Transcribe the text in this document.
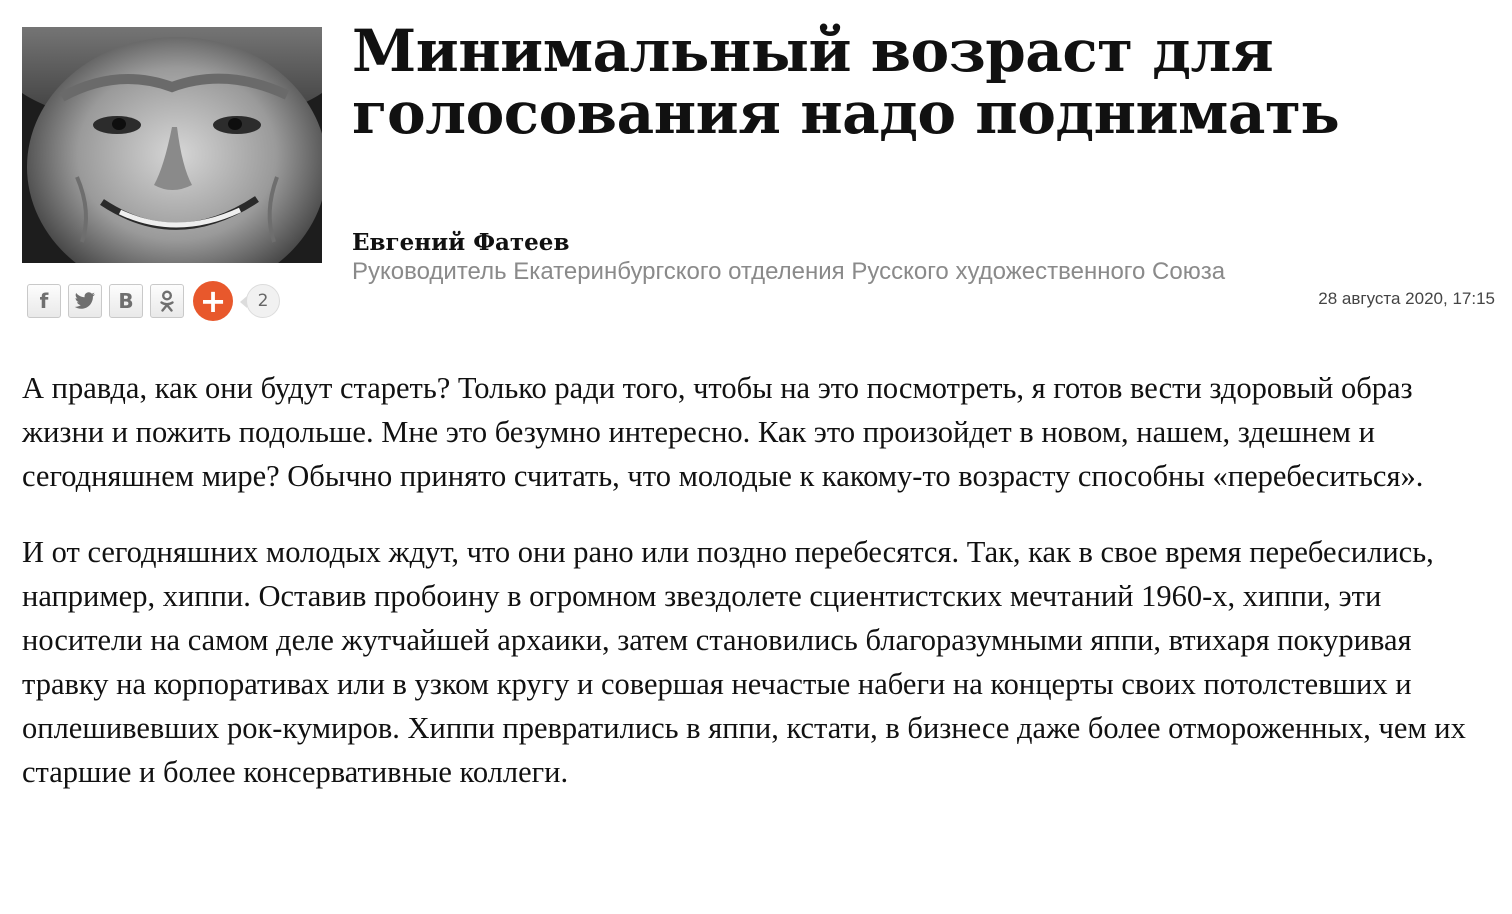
f	B +	2
Минимальный возраст для голосования надо поднимать
Евгений Фатеев
Руководитель Екатеринбургского отделения Русского художественного Союза
28 августа 2020, 17:15

А правда, как они будут стареть? Только ради того, чтобы на это посмотреть, я готов вести здоровый образ жизни и пожить подольше. Мне это безумно интересно. Как это произойдет в новом, нашем, здешнем и сегодняшнем мире? Обычно принято считать, что молодые к какому-то возрасту способны «перебеситься».

И от сегодняшних молодых ждут, что они рано или поздно перебесятся. Так, как в свое время перебесились, например, хиппи. Оставив пробоину в огромном звездолете сциентистских мечтаний 1960-х, хиппи, эти носители на самом деле жутчайшей архаики, затем становились благоразумными яппи, втихаря покуривая травку на корпоративах или в узком кругу и совершая нечастые набеги на концерты своих потолстевших и оплешивевших рок-кумиров. Хиппи превратились в яппи, кстати, в бизнесе даже более отмороженных, чем их старшие и более консервативные коллеги.
